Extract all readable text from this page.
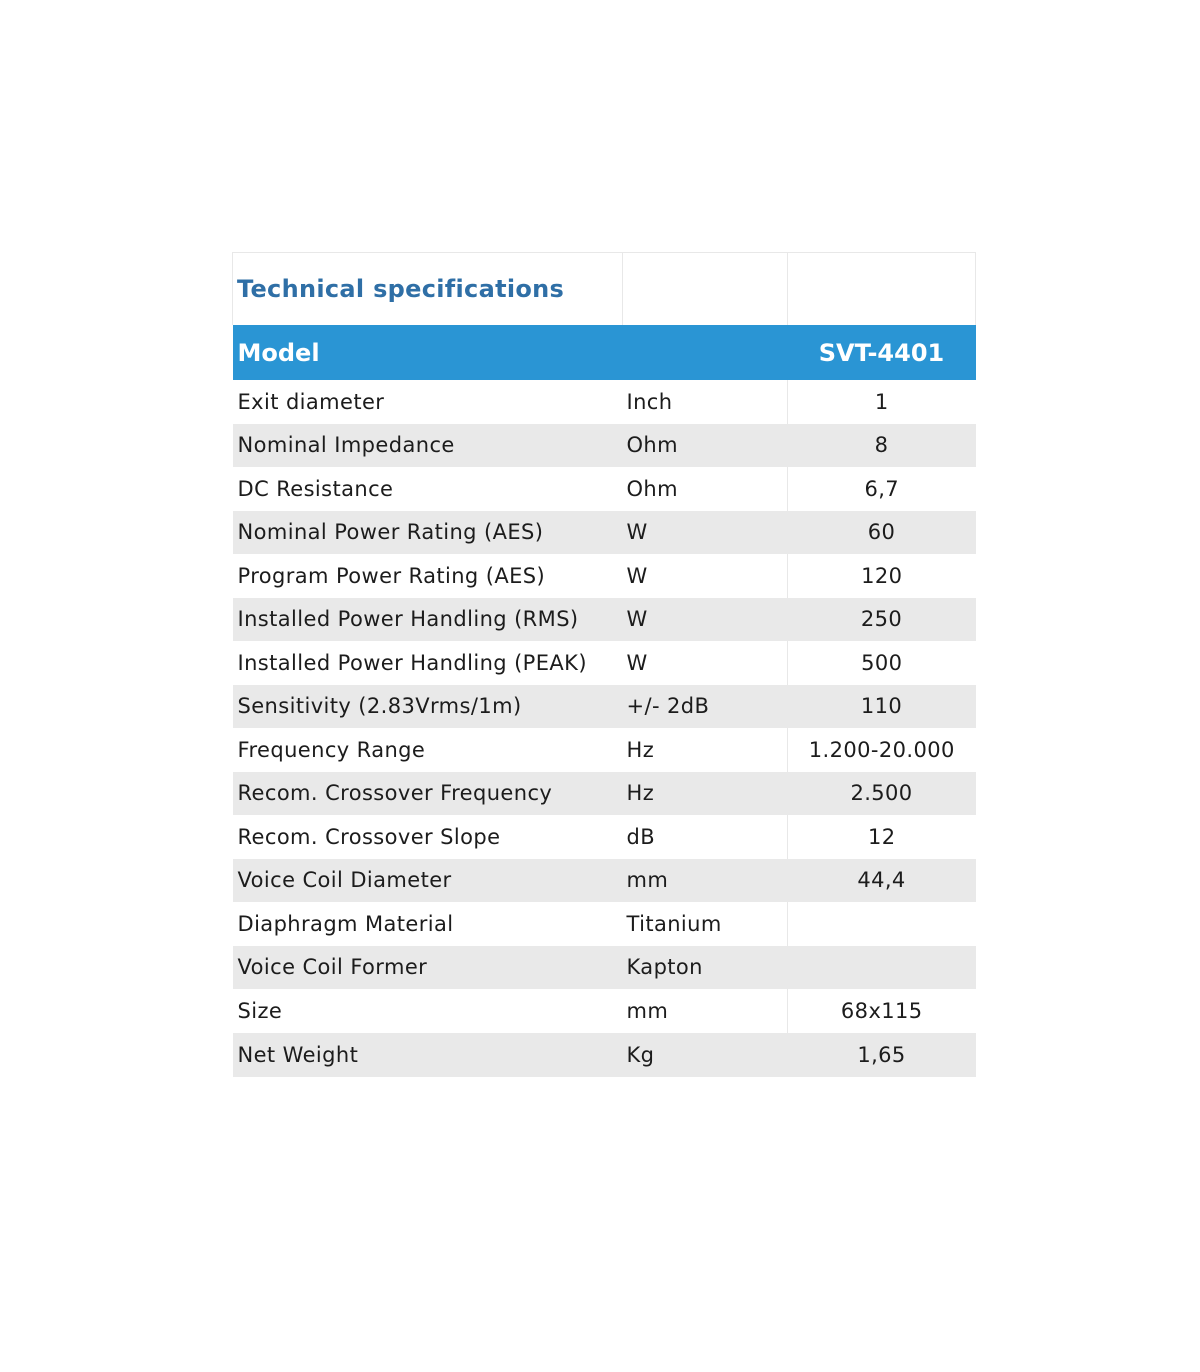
Technical specifications		
Model		SVT-4401
Exit diameter	Inch	1
Nominal Impedance	Ohm	8
DC Resistance	Ohm	6,7
Nominal Power Rating (AES)	W	60
Program Power Rating (AES)	W	120
Installed Power Handling (RMS)	W	250
Installed Power Handling (PEAK)	W	500
Sensitivity (2.83Vrms/1m)	+/- 2dB	110
Frequency Range	Hz	1.200-20.000
Recom. Crossover Frequency	Hz	2.500
Recom. Crossover Slope	dB	12
Voice Coil Diameter	mm	44,4
Diaphragm Material	Titanium	
Voice Coil Former	Kapton	
Size	mm	68x115
Net Weight	Kg	1,65
